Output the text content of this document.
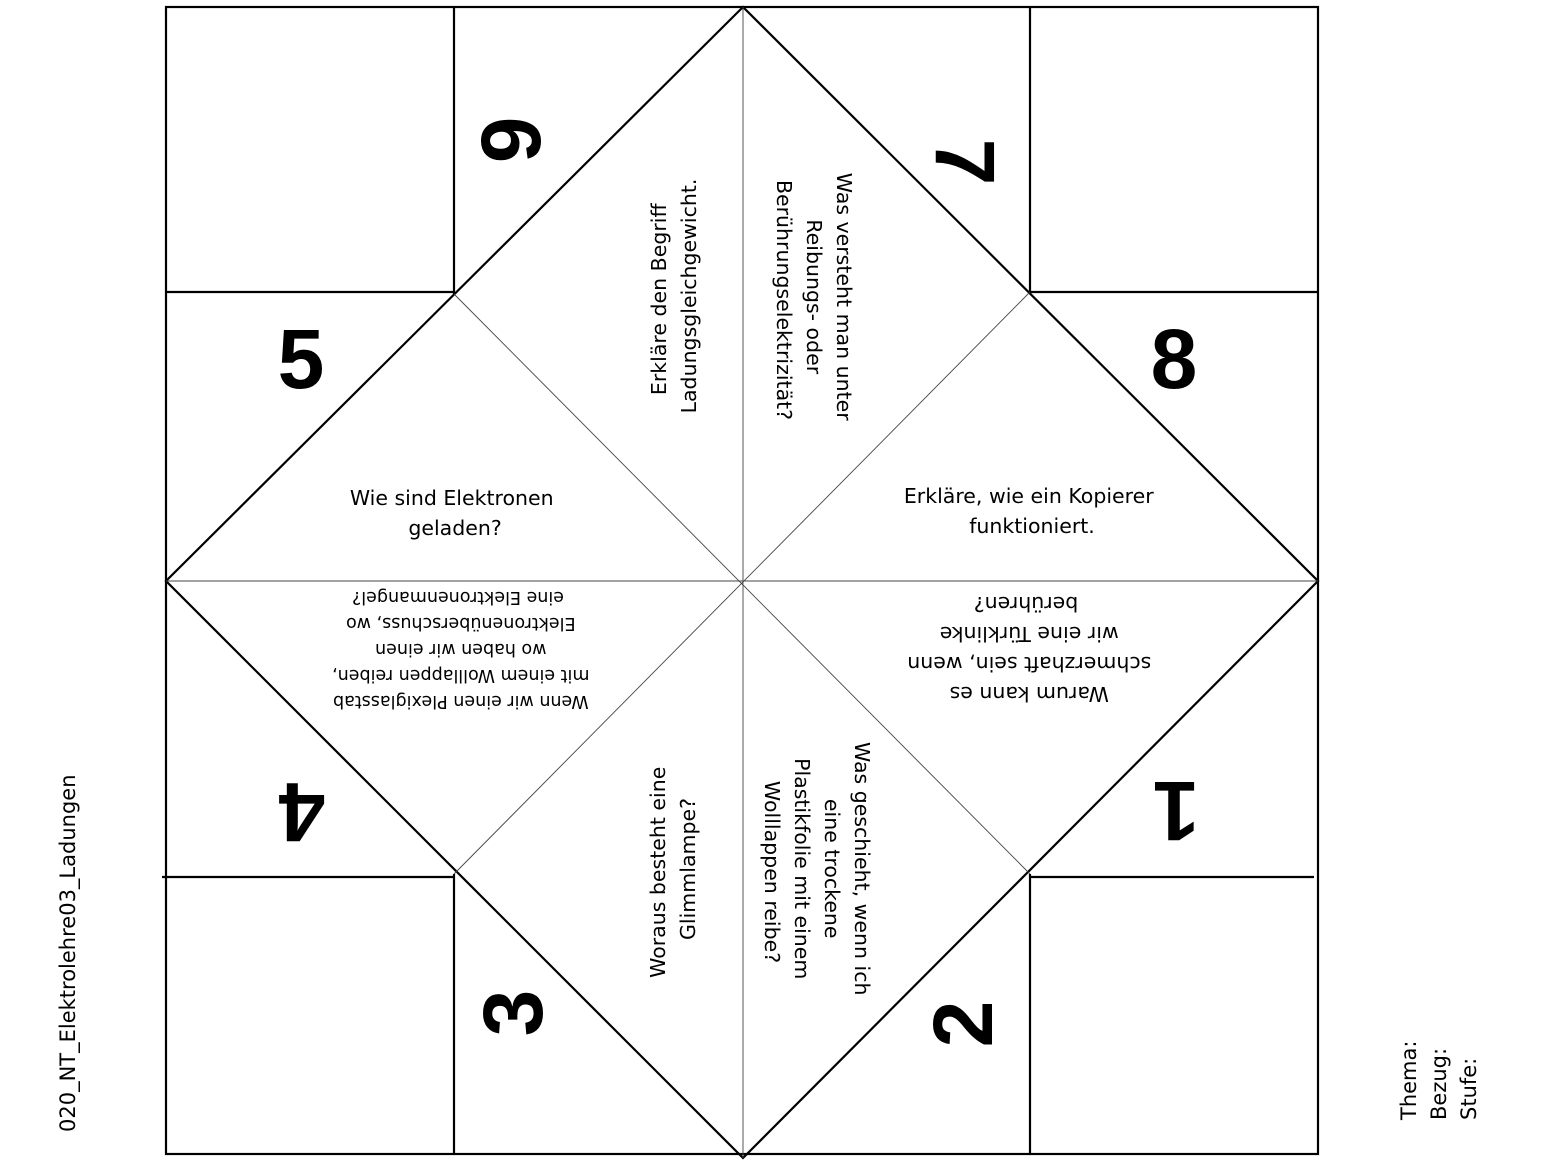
5	8
6	7
3	2
4	1
Wie sind Elektronen geladen?
Erkläre, wie ein Kopierer funktioniert.
Erkläre den Begriff Ladungsgleichgewicht.	Was versteht man unter Reibungs- oder Berührungselektrizität?
Warum kann es schmerzhaft sein, wenn wir eine Türklinke berühren?
Wenn wir einen Plexiglasstab mit einem Wolllappen reiben, wo haben wir einen Elektronenüberschuss, wo eine Elektronenmangel?
Woraus besteht eine Glimmlampe?	Was geschieht, wenn ich eine trockene Plastikfolie mit einem Wolllappen reibe?
020_NT_Elektrolehre03_Ladungen	Thema: Bezug: Stufe:
